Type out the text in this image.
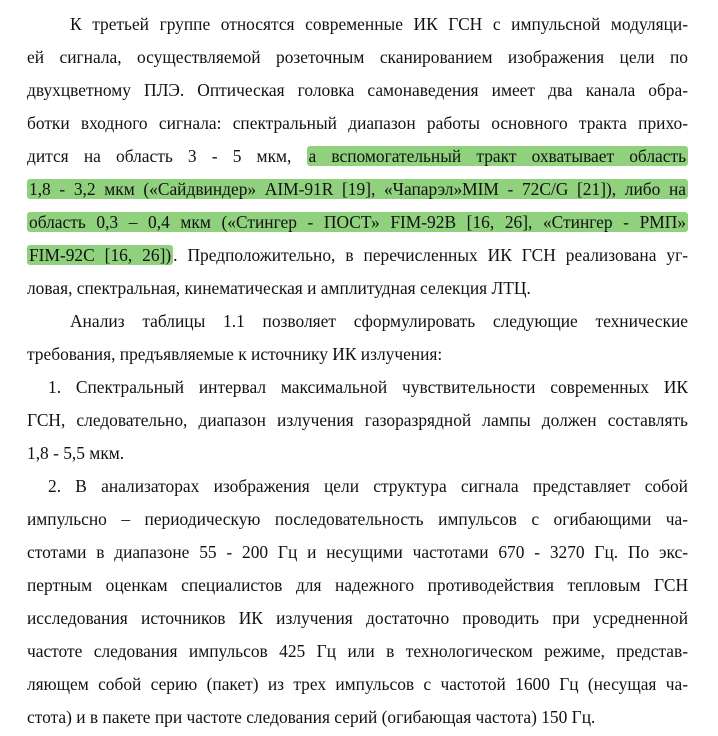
К третьей группе относятся современные ИК ГСН с импульсной модуляци-
ей сигнала, осуществляемой розеточным сканированием изображения цели по
двухцветному ПЛЭ. Оптическая головка самонаведения имеет два канала обра-
ботки входного сигнала: спектральный диапазон работы основного тракта прихо-
дится на область 3 - 5 мкм, а вспомогательный тракт охватывает область
1,8 - 3,2 мкм («Сайдвиндер» AIM-91R [19], «Чапарэл»MIM - 72C/G [21]), либо на
область 0,3 – 0,4 мкм («Стингер - ПОСТ» FIM-92B [16, 26], «Стингер - РМП»
FIM-92C [16, 26]) . Предположительно, в перечисленных ИК ГСН реализована уг-
ловая, спектральная, кинематическая и амплитудная селекция ЛТЦ.
Анализ таблицы 1.1 позволяет сформулировать следующие технические
требования, предъявляемые к источнику ИК излучения:
1. Спектральный интервал максимальной чувствительности современных ИК
ГСН, следовательно, диапазон излучения газоразрядной лампы должен составлять
1,8 - 5,5 мкм.
2. В анализаторах изображения цели структура сигнала представляет собой
импульсно – периодическую последовательность импульсов с огибающими ча-
стотами в диапазоне 55 - 200 Гц и несущими частотами 670 - 3270 Гц. По экс-
пертным оценкам специалистов для надежного противодействия тепловым ГСН
исследования источников ИК излучения достаточно проводить при усредненной
частоте следования импульсов 425 Гц или в технологическом режиме, представ-
ляющем собой серию (пакет) из трех импульсов с частотой 1600 Гц (несущая ча-
стота) и в пакете при частоте следования серий (огибающая частота) 150 Гц.
